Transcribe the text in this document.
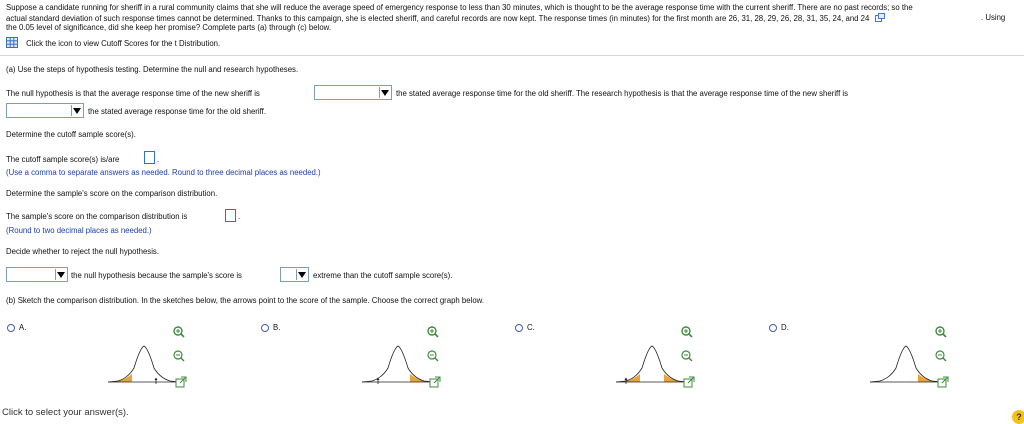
Suppose a candidate running for sheriff in a rural community claims that she will reduce the average speed of emergency response to less than 30 minutes, which is thought to be the average response time with the current sheriff. There are no past records; so the
actual standard deviation of such response times cannot be determined. Thanks to this campaign, she is elected sheriff, and careful records are now kept. The response times (in minutes) for the first month are 26, 31, 28, 29, 26, 28, 31, 35, 24, and 24	. Using
the 0.05 level of significance, did she keep her promise? Complete parts (a) through (c) below.
Click the icon to view Cutoff Scores for the t Distribution.
(a) Use the steps of hypothesis testing. Determine the null and research hypotheses.
The null hypothesis is that the average response time of the new sheriff is	the stated average response time for the old sheriff. The research hypothesis is that the average response time of the new sheriff is
the stated average response time for the old sheriff.
Determine the cutoff sample score(s).
The cutoff sample score(s) is/are	.
(Use a comma to separate answers as needed. Round to three decimal places as needed.)
Determine the sample's score on the comparison distribution.
The sample's score on the comparison distribution is	.
(Round to two decimal places as needed.)
Decide whether to reject the null hypothesis.
the null hypothesis because the sample's score is	extreme than the cutoff sample score(s).
(b) Sketch the comparison distribution. In the sketches below, the arrows point to the score of the sample. Choose the correct graph below.
A.	B.	C.	D.
Click to select your answer(s).	?
